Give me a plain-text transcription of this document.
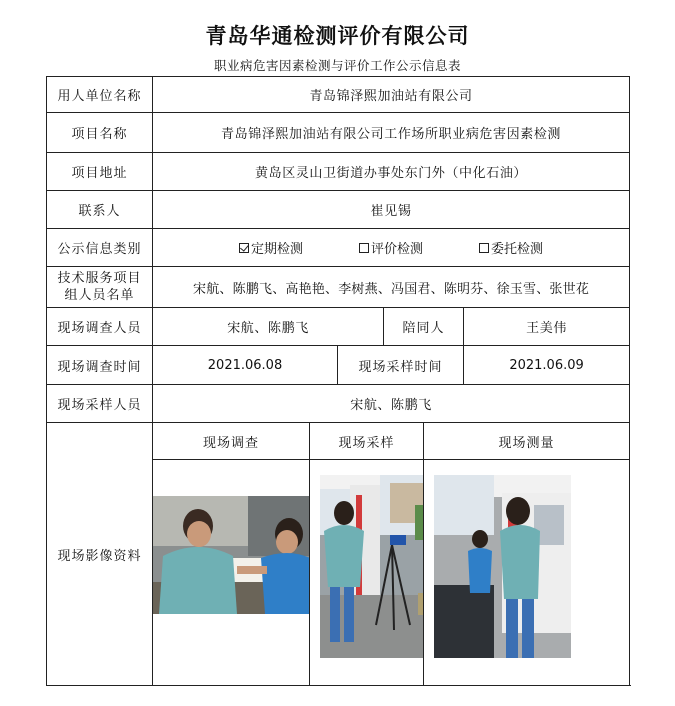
青岛华通检测评价有限公司
职业病危害因素检测与评价工作公示信息表
用人单位名称	青岛锦泽熙加油站有限公司					
项目名称	青岛锦泽熙加油站有限公司工作场所职业病危害因素检测					
项目地址	黄岛区灵山卫街道办事处东门外（中化石油）					
联系人	崔见锡					
公示信息类别	定期检测 评价检测 委托检测					

技术服务项目
组人员名单	宋航、陈鹏飞、高艳艳、李树燕、冯国君、陈明芬、徐玉雪、张世花					
现场调查人员	宋航、陈鹏飞			陪同人		王美伟
现场调查时间	2021.06.08		现场采样时间			2021.06.09
现场采样人员	宋航、陈鹏飞					
现场影像资料	现场调查	现场采样			现场测量	
